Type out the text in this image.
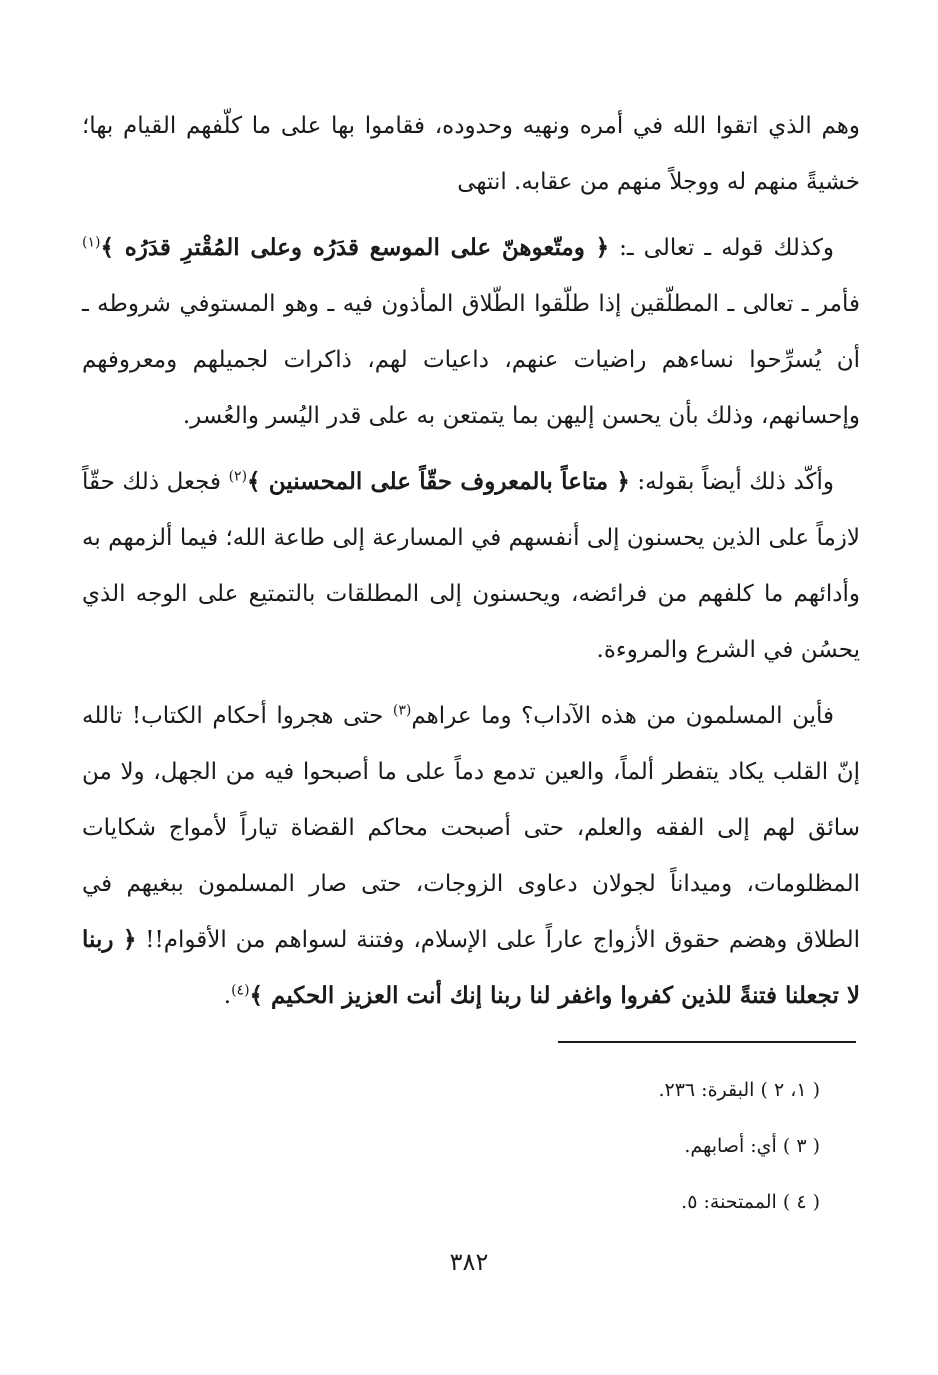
وهم الذي اتقوا الله في أمره ونهيه وحدوده، فقاموا بها على ما كلّفهم القيام بها؛ خشيةً منهم له ووجلاً منهم من عقابه. انتهى

وكذلك قوله ـ تعالى ـ: ﴿ ومتّعوهنّ على الموسع قدَرُه وعلى المُقْترِ قدَرُه ﴾$^{(١)}$ فأمر ـ تعالى ـ المطلّقين إذا طلّقوا الطّلاق المأذون فيه ـ وهو المستوفي شروطه ـ أن يُسرِّحوا نساءهم راضيات عنهم، داعيات لهم، ذاكرات لجميلهم ومعروفهم وإحسانهم، وذلك بأن يحسن إليهن بما يتمتعن به على قدر اليُسر والعُسر.

وأكّد ذلك أيضاً بقوله: ﴿ متاعاً بالمعروف حقّاً على المحسنين ﴾$^{(٢)}$ فجعل ذلك حقّاً لازماً على الذين يحسنون إلى أنفسهم في المسارعة إلى طاعة الله؛ فيما ألزمهم به وأدائهم ما كلفهم من فرائضه، ويحسنون إلى المطلقات بالتمتيع على الوجه الذي يحسُن في الشرع والمروءة.

فأين المسلمون من هذه الآداب؟ وما عراهم$^{(٣)}$ حتى هجروا أحكام الكتاب! تالله إنّ القلب يكاد يتفطر ألماً، والعين تدمع دماً على ما أصبحوا فيه من الجهل، ولا من سائق لهم إلى الفقه والعلم، حتى أصبحت محاكم القضاة تياراً لأمواج شكايات المظلومات، وميداناً لجولان دعاوى الزوجات، حتى صار المسلمون ببغيهم في الطلاق وهضم حقوق الأزواج عاراً على الإسلام، وفتنة لسواهم من الأقوام!! ﴿ ربنا لا تجعلنا فتنةً للذين كفروا واغفر لنا ربنا إنك أنت العزيز الحكيم ﴾$^{(٤)}$.

( ١، ٢ ) البقرة: ٢٣٦.
( ٣ ) أي: أصابهم.
( ٤ ) الممتحنة: ٥.
٣٨٢
